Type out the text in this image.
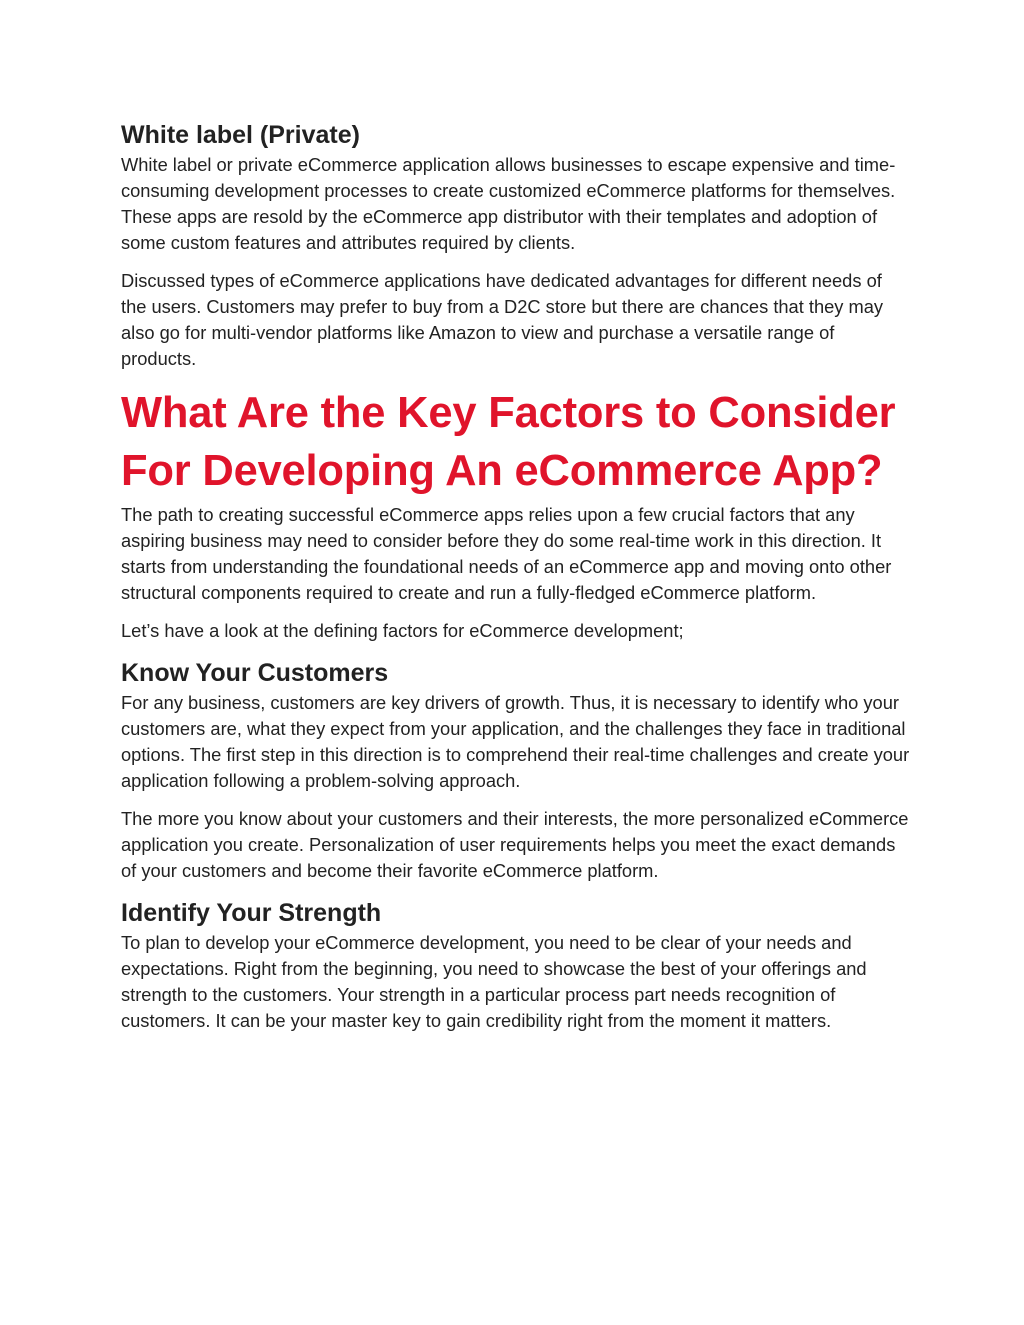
White label (Private)

White label or private eCommerce application allows businesses to escape expensive and time-consuming development processes to create customized eCommerce platforms for themselves. These apps are resold by the eCommerce app distributor with their templates and adoption of some custom features and attributes required by clients.

Discussed types of eCommerce applications have dedicated advantages for different needs of the users. Customers may prefer to buy from a D2C store but there are chances that they may also go for multi-vendor platforms like Amazon to view and purchase a versatile range of products.

What Are the Key Factors to Consider For Developing An eCommerce App?

The path to creating successful eCommerce apps relies upon a few crucial factors that any aspiring business may need to consider before they do some real-time work in this direction. It starts from understanding the foundational needs of an eCommerce app and moving onto other structural components required to create and run a fully-fledged eCommerce platform.

Let’s have a look at the defining factors for eCommerce development;

Know Your Customers

For any business, customers are key drivers of growth. Thus, it is necessary to identify who your customers are, what they expect from your application, and the challenges they face in traditional options. The first step in this direction is to comprehend their real-time challenges and create your application following a problem-solving approach.

The more you know about your customers and their interests, the more personalized eCommerce application you create. Personalization of user requirements helps you meet the exact demands of your customers and become their favorite eCommerce platform.

Identify Your Strength

To plan to develop your eCommerce development, you need to be clear of your needs and expectations. Right from the beginning, you need to showcase the best of your offerings and strength to the customers. Your strength in a particular process part needs recognition of customers. It can be your master key to gain credibility right from the moment it matters.
